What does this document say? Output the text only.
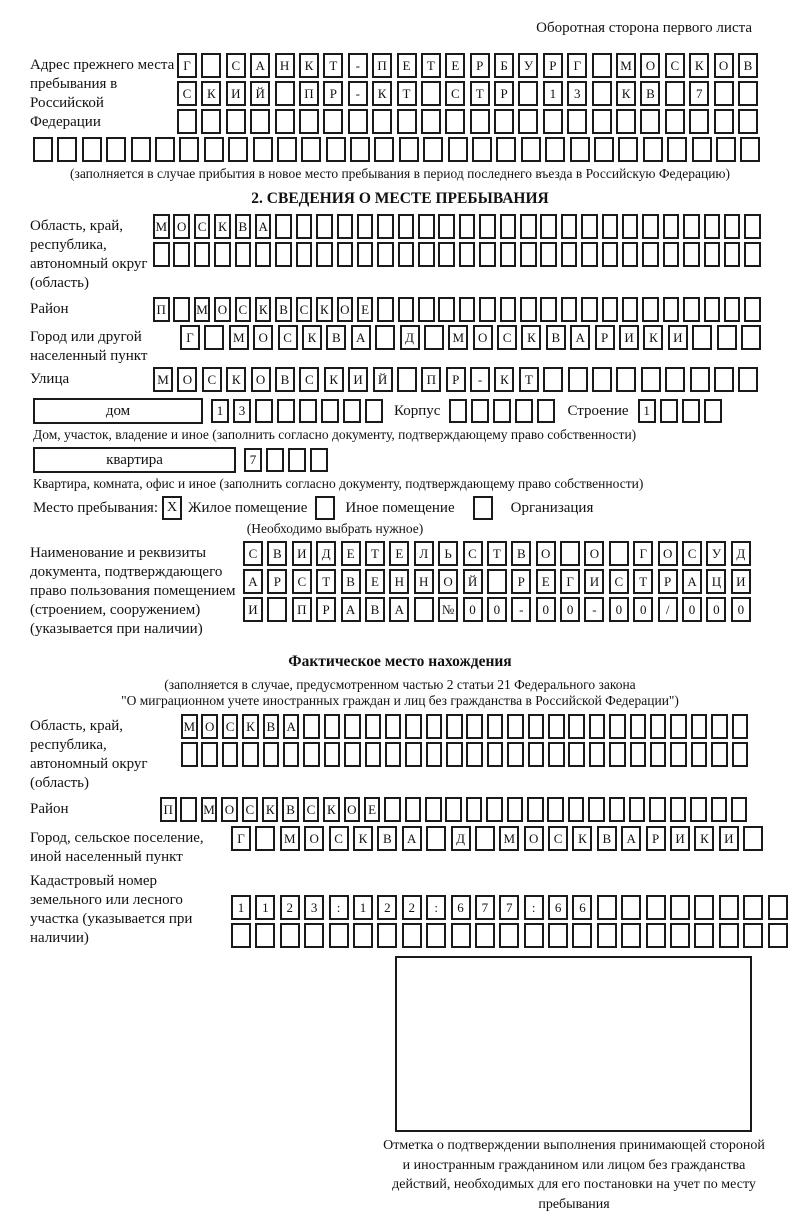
Оборотная сторона первого листа
Адрес прежнего места пребывания в Российской Федерации
Г	С	А	Н	К	Т	-	П	Е	Т	Е	Р	Б	У	Р	Г	М	О	С	К	О	В
С	К	И	Й	П	Р	-	К	Т	С	Т	Р	1	3	К	В	7
(заполняется в случае прибытия в новое место пребывания в период последнего въезда в Российскую Федерацию)
2. СВЕДЕНИЯ О МЕСТЕ ПРЕБЫВАНИЯ
Область, край, республика, автономный округ (область)
М О С К В А
Район	П М О С К В С К О Е
Город или другой населенный пункт
Г	М	О	С	К	В	А	Д	М	О	С	К	В	А	Р	И	К	И
Улица	М	О	С	К	О	В	С	К	И	Й	П	Р	-	К	Т
дом	1	3	Корпус	Строение	1
Дом, участок, владение и иное (заполнить согласно документу, подтверждающему право собственности)
квартира	7
Квартира, комната, офис и иное (заполнить согласно документу, подтверждающему право собственности)
Место пребывания: X Жилое помещение	Иное помещение	Организация
(Необходимо выбрать нужное)
Наименование и реквизиты документа, подтверждающего право пользования помещением (строением, сооружением) (указывается при наличии)
С	В	И	Д	Е	Т	Е	Л	Ь	С	Т	В	О	О	Г	О	С	У	Д
А	Р	С	Т	В	Е	Н	Н	О	Й	Р	Е	Г	И	С	Т	Р	А	Ц	И
И	П	Р	А	В	А	№	0	0	-	0	0	-	0	0	/	0	0	0
Фактическое место нахождения
(заполняется в случае, предусмотренном частью 2 статьи 21 Федерального закона
"О миграционном учете иностранных граждан и лиц без гражданства в Российской Федерации")
Область, край, республика, автономный округ (область)
М О С К В А
Район	П М О С К В С К О Е
Город, сельское поселение, иной населенный пункт
Г	М	О	С	К	В	А	Д	М	О	С	К	В	А	Р	И	К	И
Кадастровый номер земельного или лесного участка (указывается при наличии)
1	1	2	3	:	1	2	2	:	6	7	7	:	6	6
Отметка о подтверждении выполнения принимающей стороной и иностранным гражданином или лицом без гражданства действий, необходимых для его постановки на учет по месту пребывания
